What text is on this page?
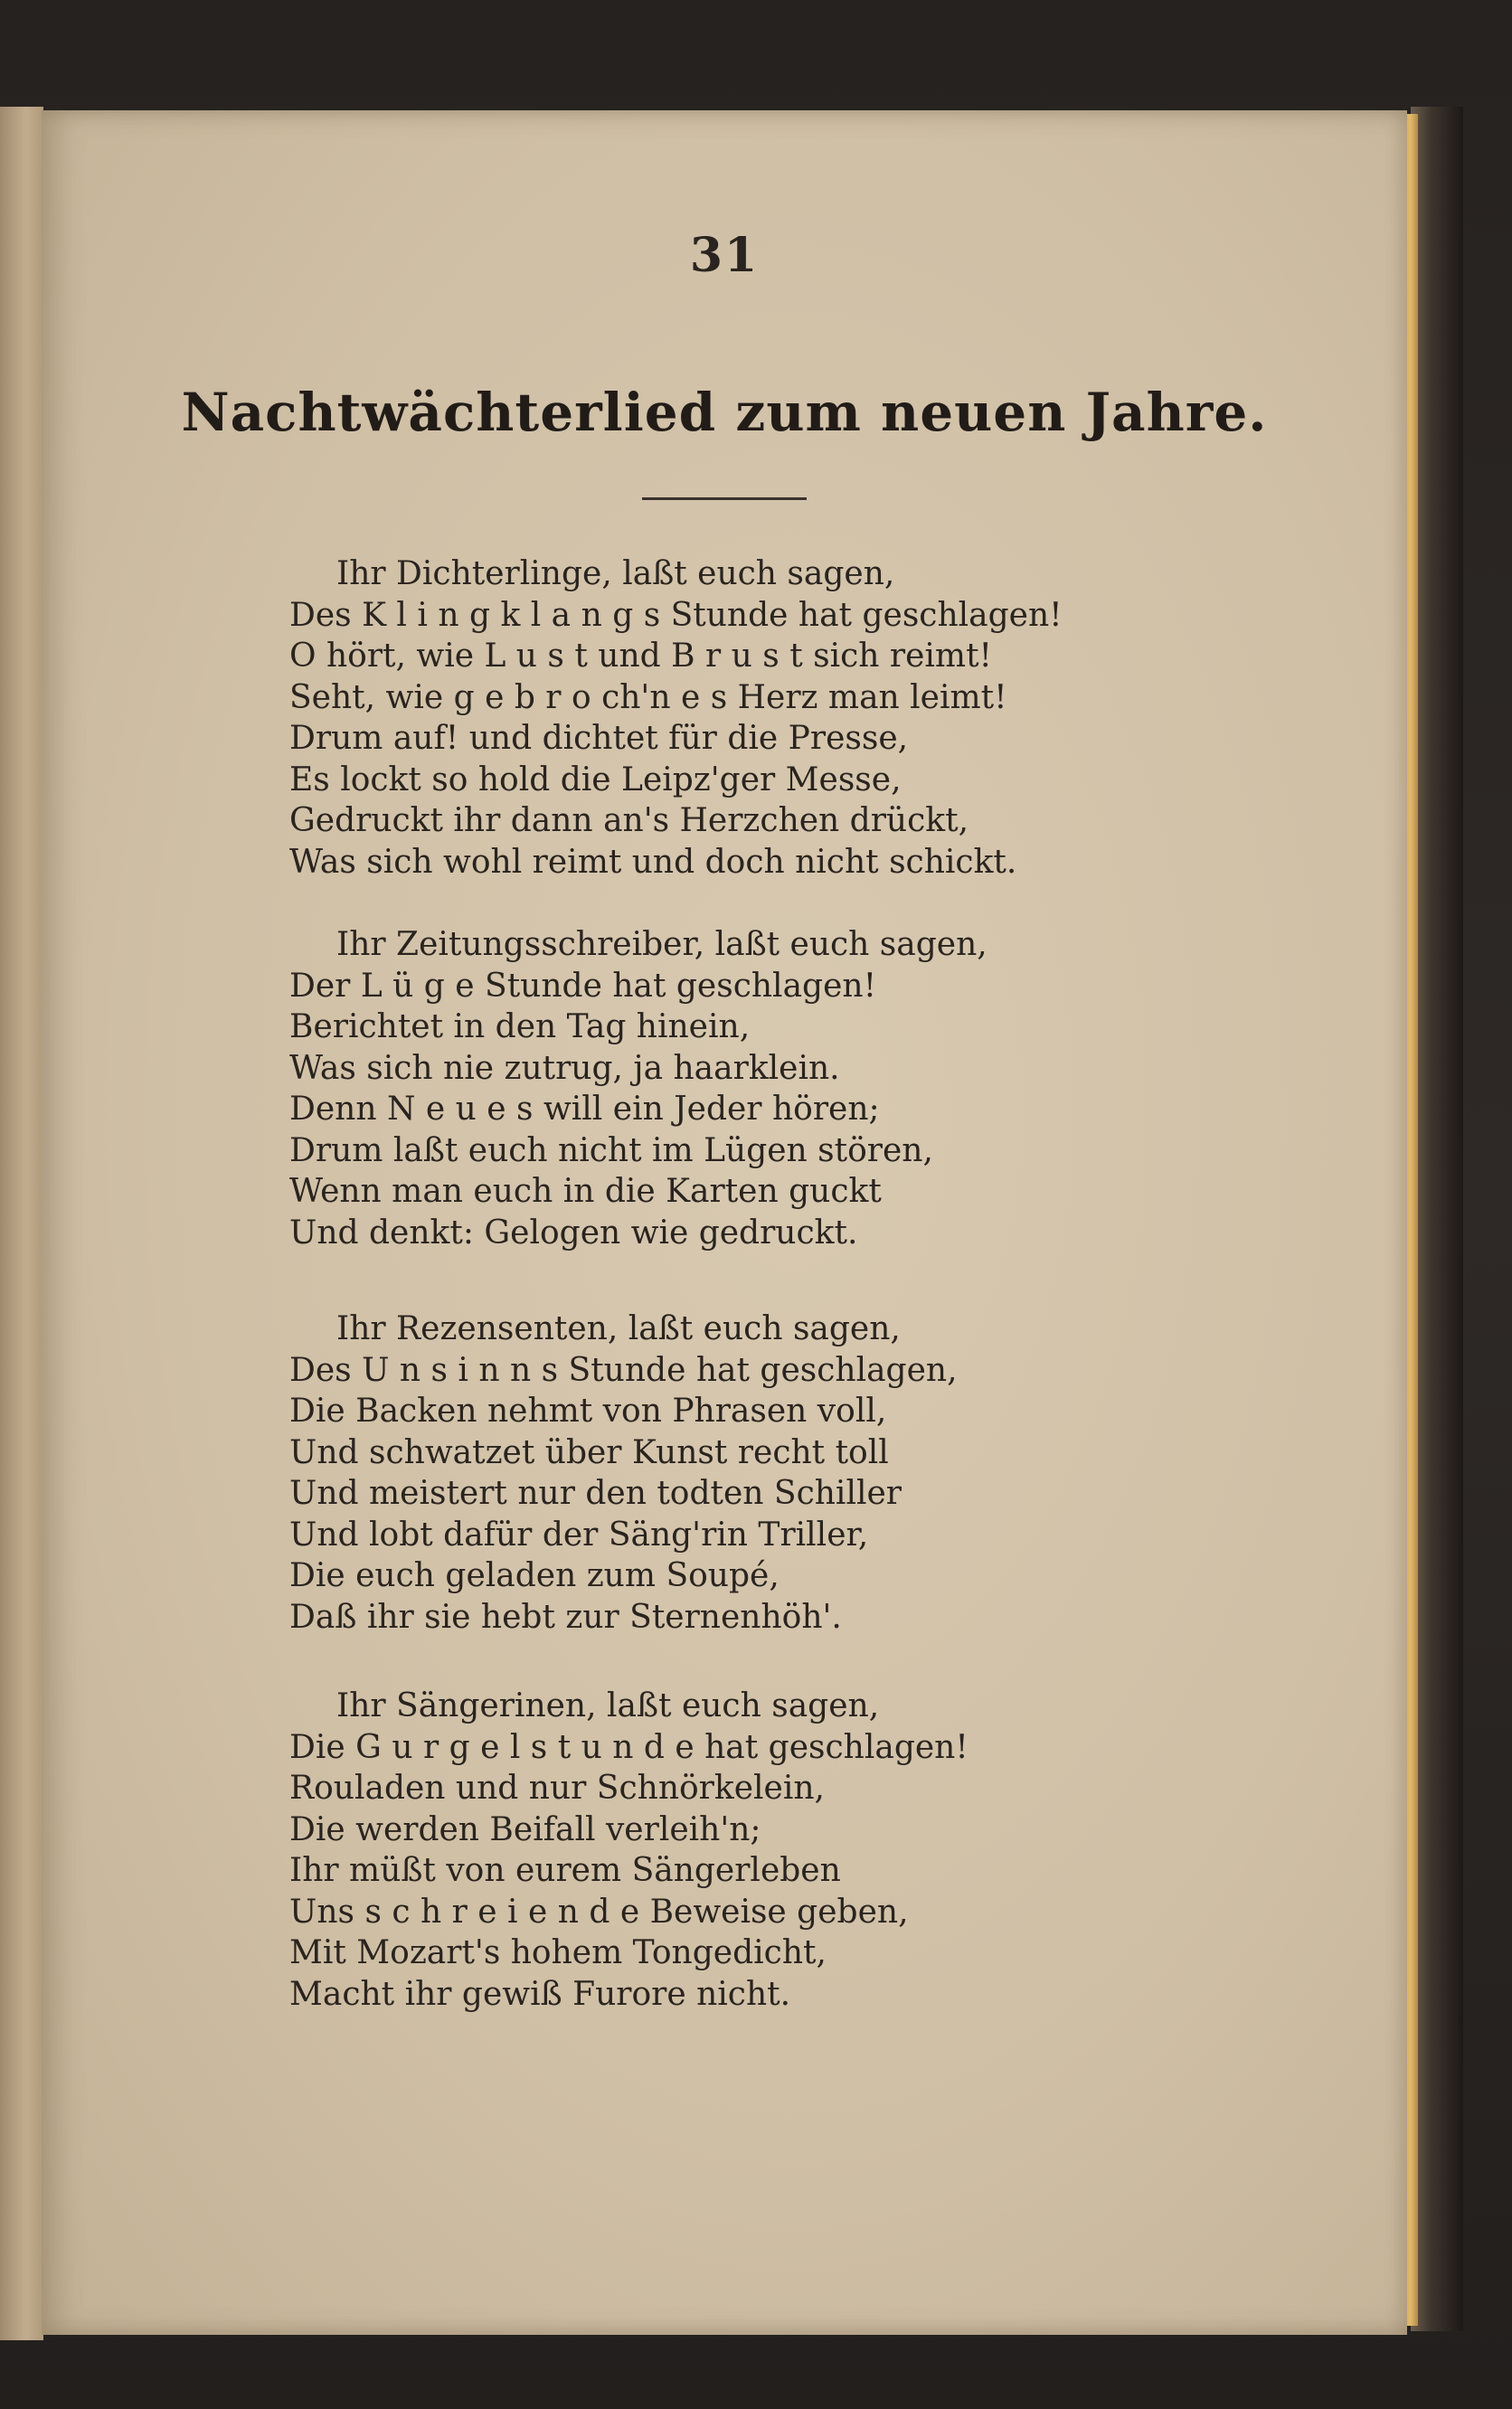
31
Nachtwächterlied zum neuen Jahre.
Ihr Dichterlinge, laßt euch sagen,
Des K l i n g k l a n g s Stunde hat geschlagen!
O hört, wie L u s t und B r u s t sich reimt!
Seht, wie g e b r o ch'n e s Herz man leimt!
Drum auf! und dichtet für die Presse,
Es lockt so hold die Leipz'ger Messe,
Gedruckt ihr dann an's Herzchen drückt,
Was sich wohl reimt und doch nicht schickt.
Ihr Zeitungsschreiber, laßt euch sagen,
Der L ü g e Stunde hat geschlagen!
Berichtet in den Tag hinein,
Was sich nie zutrug, ja haarklein.
Denn N e u e s will ein Jeder hören;
Drum laßt euch nicht im Lügen stören,
Wenn man euch in die Karten guckt
Und denkt: Gelogen wie gedruckt.
Ihr Rezensenten, laßt euch sagen,
Des U n s i n n s Stunde hat geschlagen,
Die Backen nehmt von Phrasen voll,
Und schwatzet über Kunst recht toll
Und meistert nur den todten Schiller
Und lobt dafür der Säng'rin Triller,
Die euch geladen zum Soupé,
Daß ihr sie hebt zur Sternenhöh'.
Ihr Sängerinen, laßt euch sagen,
Die G u r g e l s t u n d e hat geschlagen!
Rouladen und nur Schnörkelein,
Die werden Beifall verleih'n;
Ihr müßt von eurem Sängerleben
Uns s c h r e i e n d e Beweise geben,
Mit Mozart's hohem Tongedicht,
Macht ihr gewiß Furore nicht.
